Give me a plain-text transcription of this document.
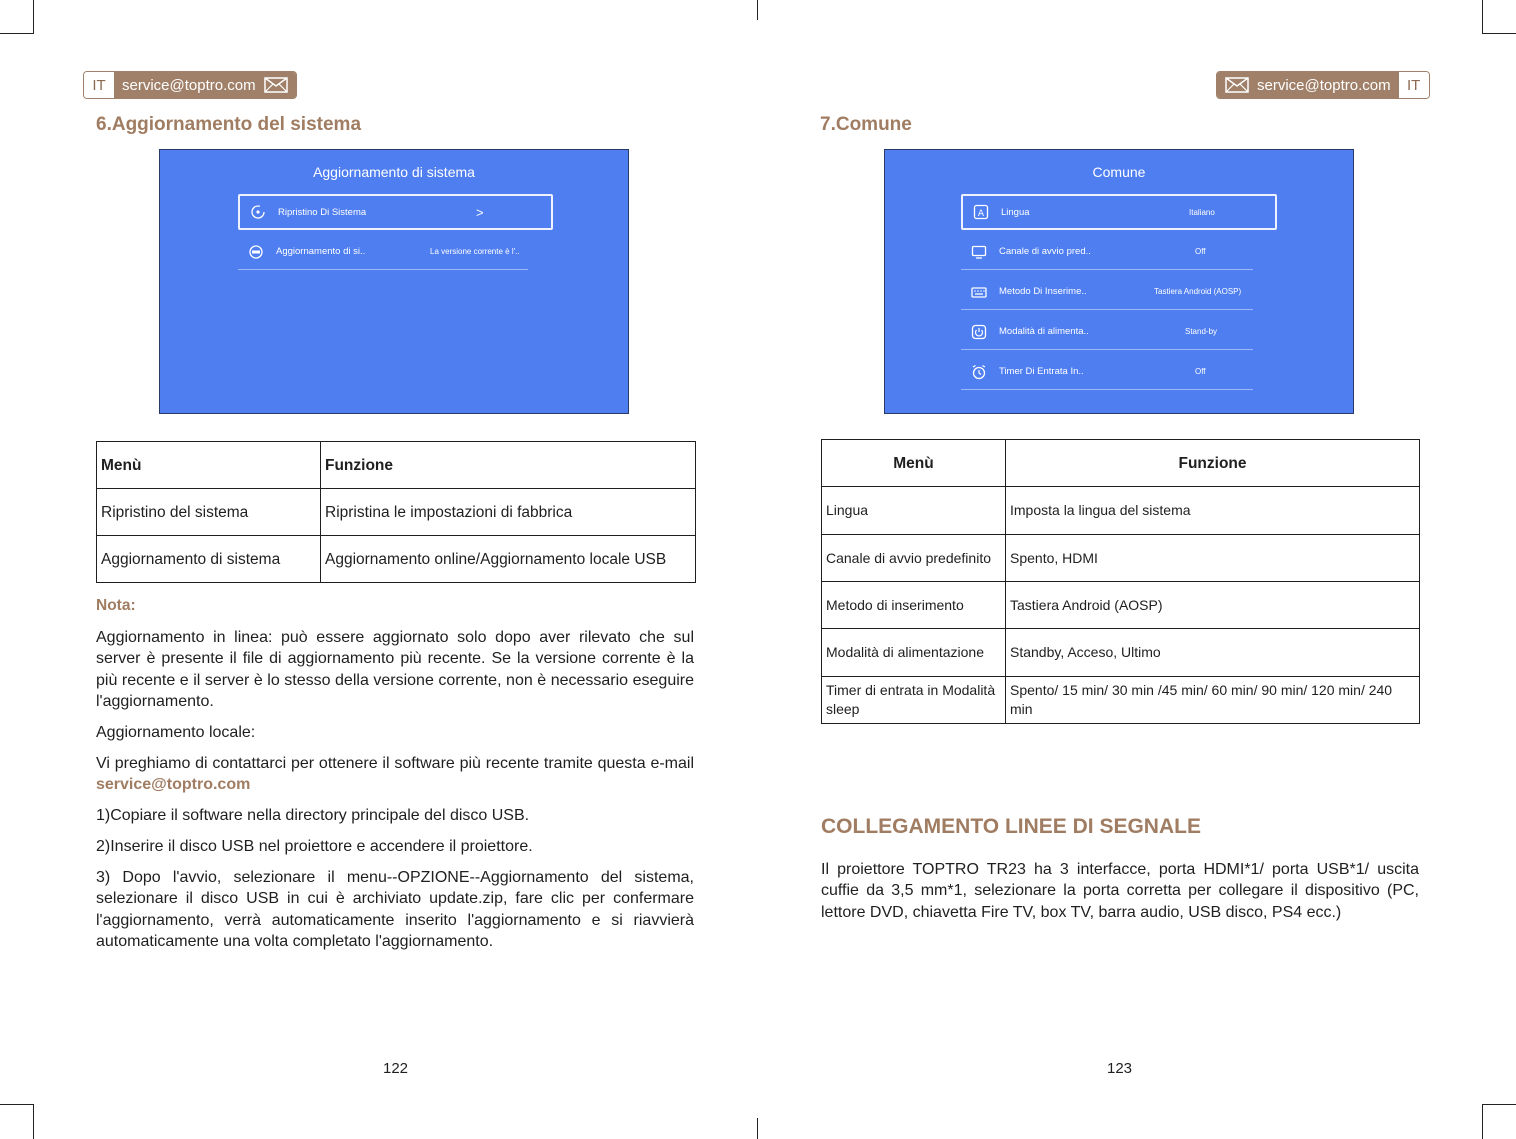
IT	service@toptro.com
6.Aggiornamento del sistema
Aggiornamento di sistema
Ripristino Di Sistema	>
Aggiornamento di si..	La versione corrente è l'..
Menù	Funzione
Ripristino del sistema	Ripristina le impostazioni di fabbrica
Aggiornamento di sistema	Aggiornamento online/Aggiornamento locale USB
Nota:

Aggiornamento in linea: può essere aggiornato solo dopo aver rilevato che sul server è presente il file di aggiornamento più recente. Se la versione corrente è la più recente e il server è lo stesso della versione corrente, non è necessario eseguire l'aggiornamento.

Aggiornamento locale:

Vi preghiamo di contattarci per ottenere il software più recente tramite questa e-mail service@toptro.com

1)Copiare il software nella directory principale del disco USB.

2)Inserire il disco USB nel proiettore e accendere il proiettore.

3) Dopo l'avvio, selezionare il menu--OPZIONE--Aggiornamento del sistema, selezionare il disco USB in cui è archiviato update.zip, fare clic per confermare l'aggiornamento, verrà automaticamente inserito l'aggiornamento e si riavvierà automaticamente una volta completato l'aggiornamento.

122
service@toptro.com	IT
7.Comune
Comune
A Lingua	Italiano
Canale di avvio pred..	Off
Metodo Di Inserime..	Tastiera Android (AOSP)
Modalità di alimenta..	Stand-by
Timer Di Entrata In..	Off
Menù	Funzione
Lingua	Imposta la lingua del sistema
Canale di avvio predefinito	Spento, HDMI
Metodo di inserimento	Tastiera Android (AOSP)
Modalità di alimentazione	Standby, Acceso, Ultimo
Timer di entrata in Modalità sleep	Spento/ 15 min/ 30 min /45 min/ 60 min/ 90 min/ 120 min/ 240 min
COLLEGAMENTO LINEE DI SEGNALE

Il proiettore TOPTRO TR23 ha 3 interfacce, porta HDMI*1/ porta USB*1/ uscita cuffie da 3,5 mm*1, selezionare la porta corretta per collegare il dispositivo (PC, lettore DVD, chiavetta Fire TV, box TV, barra audio, USB disco, PS4 ecc.)

123
